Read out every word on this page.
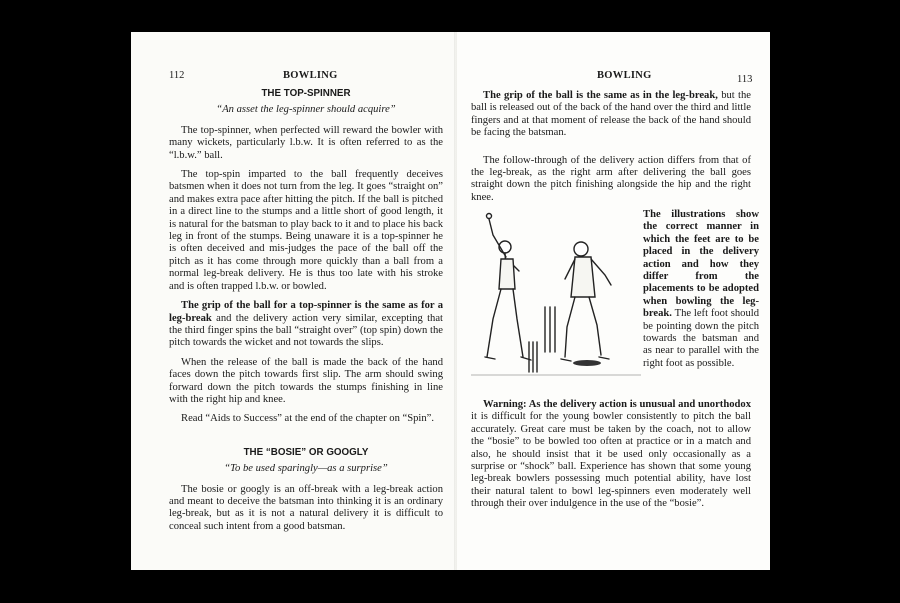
112	BOWLING
THE TOP-SPINNER
“An asset the leg-spinner should acquire”

The top-spinner, when perfected will reward the bowler with many wickets, particularly l.b.w. It is often referred to as the “l.b.w.” ball.

The top-spin imparted to the ball frequently deceives batsmen when it does not turn from the leg. It goes “straight on” and makes extra pace after hitting the pitch. If the ball is pitched in a direct line to the stumps and a little short of good length, it is natural for the batsman to play back to it and to place his back leg in front of the stumps. Being unaware it is a top-spinner he is often deceived and mis-judges the pace of the ball off the pitch as it has come through more quickly than a ball from a normal leg-break delivery. He is thus too late with his stroke and is often trapped l.b.w. or bowled.

The grip of the ball for a top-spinner is the same as for a leg-break and the delivery action very similar, excepting that the third finger spins the ball “straight over” (top spin) down the pitch towards the wicket and not towards the slips.

When the release of the ball is made the back of the hand faces down the pitch towards first slip. The arm should swing forward down the pitch towards the stumps finishing in line with the right hip and knee.

Read “Aids to Success” at the end of the chapter on “Spin”.

THE “BOSIE” OR GOOGLY
“To be used sparingly—as a surprise”

The bosie or googly is an off-break with a leg-break action and meant to deceive the batsman into thinking it is an ordinary leg-break, but as it is not a natural delivery it is difficult to conceal such intent from a good batsman.

BOWLING	113

The grip of the ball is the same as in the leg-break, but the ball is released out of the back of the hand over the third and little fingers and at that moment of release the back of the hand should be facing the batsman.

The follow-through of the delivery action differs from that of the leg-break, as the right arm after delivering the ball goes straight down the pitch finishing alongside the hip and the right knee.

The illustrations show the correct manner in which the feet are to be placed in the delivery action and how they differ from the placements to be adopted when bowling the leg-break. The left foot should be pointing down the pitch towards the batsman and as near to parallel with the right foot as possible.

Warning: As the delivery action is unusual and unorthodox it is difficult for the young bowler consistently to pitch the ball accurately. Great care must be taken by the coach, not to allow the “bosie” to be bowled too often at practice or in a match and also, he should insist that it be used only occasionally as a surprise or “shock” ball. Experience has shown that some young leg-break bowlers possessing much potential ability, have lost their natural talent to bowl leg-spinners even moderately well through their over indulgence in the use of the “bosie”.
